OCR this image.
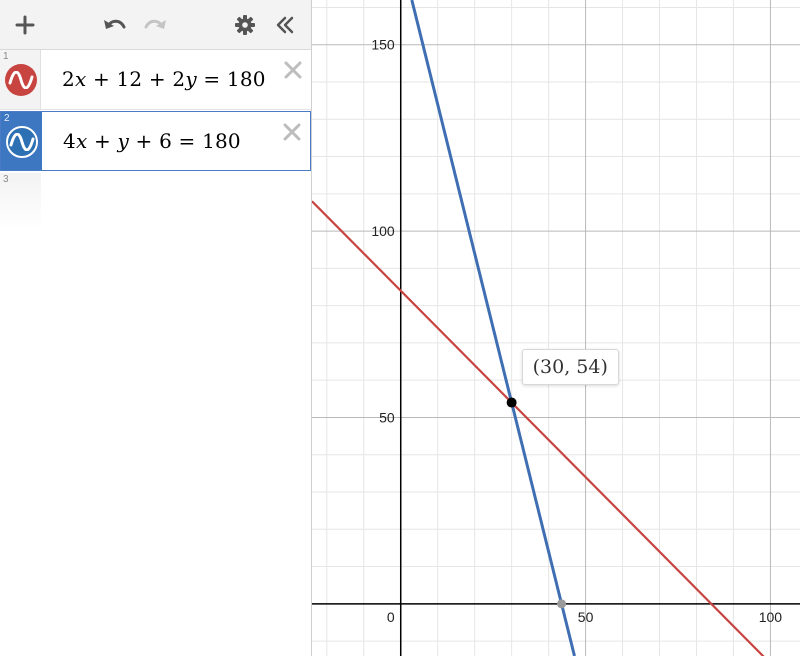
1
2x + 12 + 2y = 180
2
4x + y + 6 = 180
3
0	50	100
50
100
150
(30, 54)
